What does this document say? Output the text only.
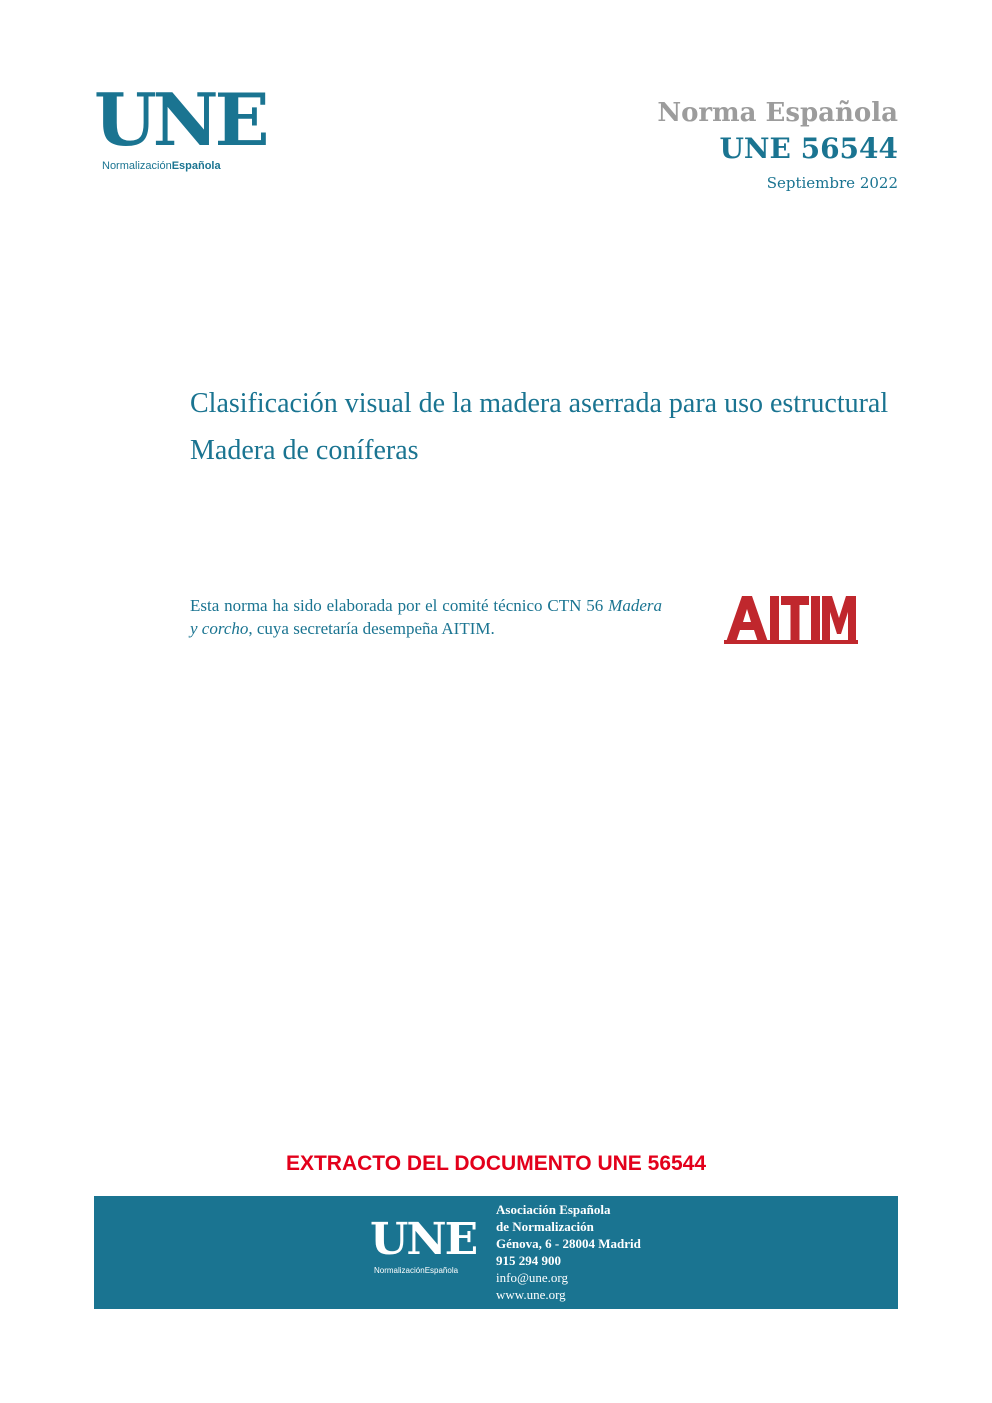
UNE
NormalizaciónEspañola
Norma Española
UNE 56544
Septiembre 2022
Clasificación visual de la madera aserrada para uso estructural
Madera de coníferas

Esta norma ha sido elaborada por el comité técnico CTN 56 Madera y corcho, cuya secretaría desempeña AITIM.

AITIM
EXTRACTO DEL DOCUMENTO UNE 56544
UNE
NormalizaciónEspañola
Asociación Española
de Normalización
Génova, 6 - 28004 Madrid
915 294 900
info@une.org
www.une.org
